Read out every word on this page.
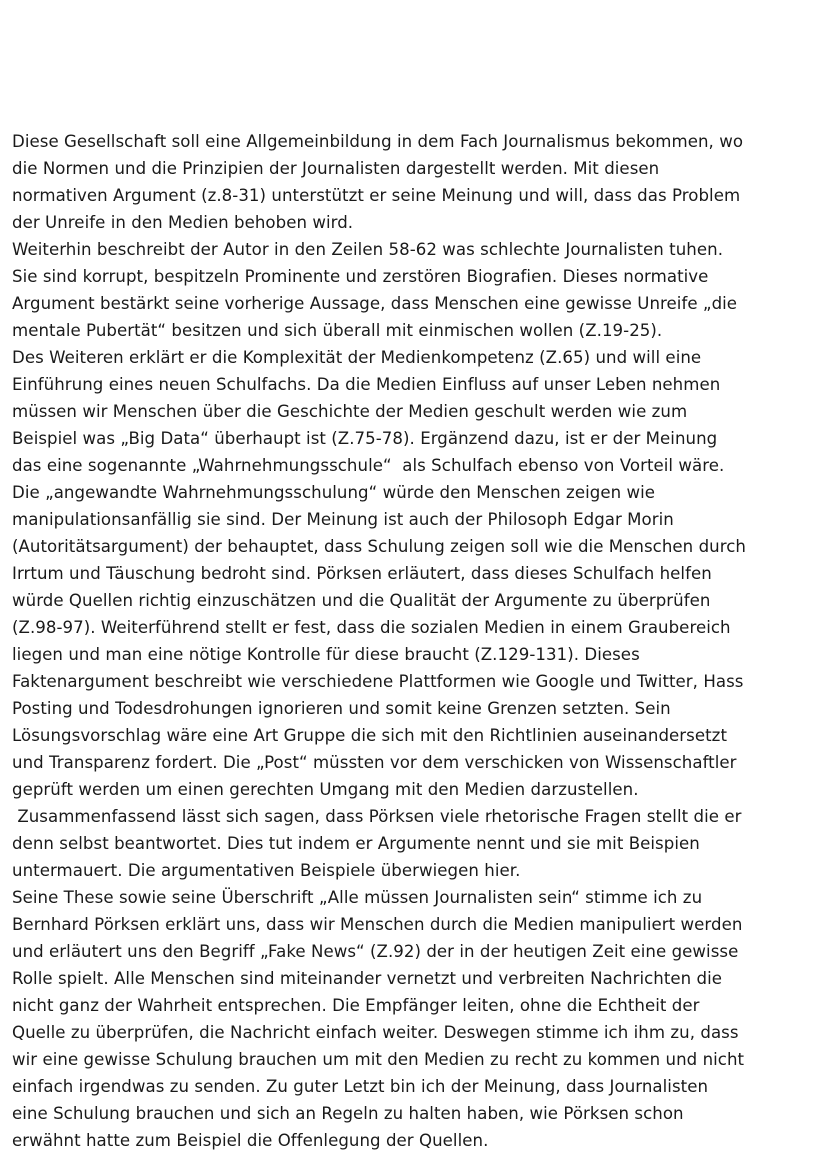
Diese Gesellschaft soll eine Allgemeinbildung in dem Fach Journalismus bekommen, wo
die Normen und die Prinzipien der Journalisten dargestellt werden. Mit diesen
normativen Argument (z.8-31) unterstützt er seine Meinung und will, dass das Problem
der Unreife in den Medien behoben wird.
Weiterhin beschreibt der Autor in den Zeilen 58-62 was schlechte Journalisten tuhen.
Sie sind korrupt, bespitzeln Prominente und zerstören Biografien. Dieses normative
Argument bestärkt seine vorherige Aussage, dass Menschen eine gewisse Unreife „die
mentale Pubertät“ besitzen und sich überall mit einmischen wollen (Z.19-25).
Des Weiteren erklärt er die Komplexität der Medienkompetenz (Z.65) und will eine
Einführung eines neuen Schulfachs. Da die Medien Einfluss auf unser Leben nehmen
müssen wir Menschen über die Geschichte der Medien geschult werden wie zum
Beispiel was „Big Data“ überhaupt ist (Z.75-78). Ergänzend dazu, ist er der Meinung
das eine sogenannte „Wahrnehmungsschule“  als Schulfach ebenso von Vorteil wäre.
Die „angewandte Wahrnehmungsschulung“ würde den Menschen zeigen wie
manipulationsanfällig sie sind. Der Meinung ist auch der Philosoph Edgar Morin
(Autoritätsargument) der behauptet, dass Schulung zeigen soll wie die Menschen durch
Irrtum und Täuschung bedroht sind. Pörksen erläutert, dass dieses Schulfach helfen
würde Quellen richtig einzuschätzen und die Qualität der Argumente zu überprüfen
(Z.98-97). Weiterführend stellt er fest, dass die sozialen Medien in einem Graubereich
liegen und man eine nötige Kontrolle für diese braucht (Z.129-131). Dieses
Faktenargument beschreibt wie verschiedene Plattformen wie Google und Twitter, Hass
Posting und Todesdrohungen ignorieren und somit keine Grenzen setzten. Sein
Lösungsvorschlag wäre eine Art Gruppe die sich mit den Richtlinien auseinandersetzt
und Transparenz fordert. Die „Post“ müssten vor dem verschicken von Wissenschaftler
geprüft werden um einen gerechten Umgang mit den Medien darzustellen.
Zusammenfassend lässt sich sagen, dass Pörksen viele rhetorische Fragen stellt die er
denn selbst beantwortet. Dies tut indem er Argumente nennt und sie mit Beispien
untermauert. Die argumentativen Beispiele überwiegen hier.
Seine These sowie seine Überschrift „Alle müssen Journalisten sein“ stimme ich zu
Bernhard Pörksen erklärt uns, dass wir Menschen durch die Medien manipuliert werden
und erläutert uns den Begriff „Fake News“ (Z.92) der in der heutigen Zeit eine gewisse
Rolle spielt. Alle Menschen sind miteinander vernetzt und verbreiten Nachrichten die
nicht ganz der Wahrheit entsprechen. Die Empfänger leiten, ohne die Echtheit der
Quelle zu überprüfen, die Nachricht einfach weiter. Deswegen stimme ich ihm zu, dass
wir eine gewisse Schulung brauchen um mit den Medien zu recht zu kommen und nicht
einfach irgendwas zu senden. Zu guter Letzt bin ich der Meinung, dass Journalisten
eine Schulung brauchen und sich an Regeln zu halten haben, wie Pörksen schon
erwähnt hatte zum Beispiel die Offenlegung der Quellen.
